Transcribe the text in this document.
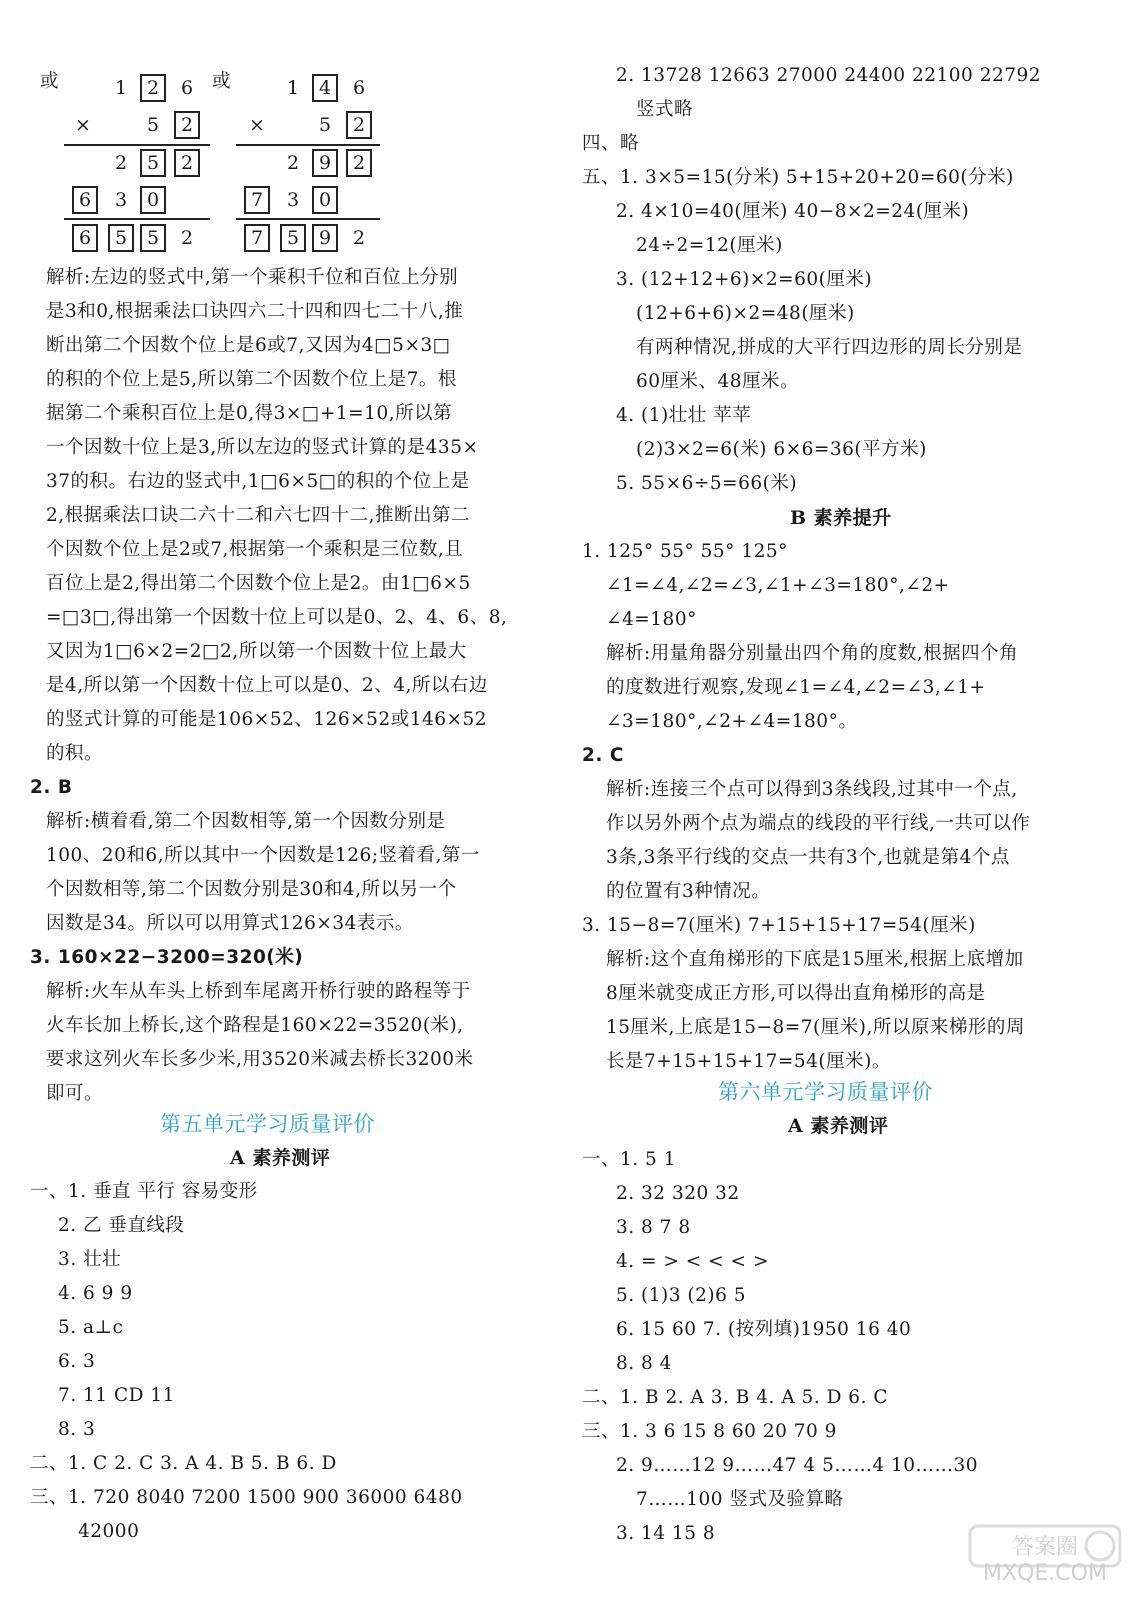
或	或
1	2	6
×	5	2
2	5	2
6	3	0
6	5	5	2
1	4	6
×	5	2
2	9	2
7	3	0
7	5	9	2
解析:左边的竖式中,第一个乘积千位和百位上分别
是3和0,根据乘法口诀四六二十四和四七二十八,推
断出第二个因数个位上是6或7,又因为4□5×3□
的积的个位上是5,所以第二个因数个位上是7。根
据第二个乘积百位上是0,得3×□+1=10,所以第
一个因数十位上是3,所以左边的竖式计算的是435×
37的积。右边的竖式中,1□6×5□的积的个位上是
2,根据乘法口诀二六十二和六七四十二,推断出第二
个因数个位上是2或7,根据第一个乘积是三位数,且
百位上是2,得出第二个因数个位上是2。由1□6×5
=□3□,得出第一个因数十位上可以是0、2、4、6、8,
又因为1□6×2=2□2,所以第一个因数十位上最大
是4,所以第一个因数十位上可以是0、2、4,所以右边
的竖式计算的可能是106×52、126×52或146×52
的积。
2. B
解析:横着看,第二个因数相等,第一个因数分别是
100、20和6,所以其中一个因数是126;竖着看,第一
个因数相等,第二个因数分别是30和4,所以另一个
因数是34。所以可以用算式126×34表示。
3. 160×22−3200=320(米)
解析:火车从车头上桥到车尾离开桥行驶的路程等于
火车长加上桥长,这个路程是160×22=3520(米),
要求这列火车长多少米,用3520米减去桥长3200米
即可。
第五单元学习质量评价
A 素养测评
一、1. 垂直 平行 容易变形
2. 乙 垂直线段
3. 壮壮
4. 6 9 9
5. a⊥c
6. 3
7. 11 CD 11
8. 3
二、1. C 2. C 3. A 4. B 5. B 6. D
三、1. 720 8040 7200 1500 900 36000 6480
42000
2. 13728 12663 27000 24400 22100 22792
竖式略
四、略
五、1. 3×5=15(分米) 5+15+20+20=60(分米)
2. 4×10=40(厘米) 40−8×2=24(厘米)
24÷2=12(厘米)
3. (12+12+6)×2=60(厘米)
(12+6+6)×2=48(厘米)
有两种情况,拼成的大平行四边形的周长分别是
60厘米、48厘米。
4. (1)壮壮 苹苹
(2)3×2=6(米) 6×6=36(平方米)
5. 55×6÷5=66(米)
B 素养提升
1. 125° 55° 55° 125°
∠1=∠4,∠2=∠3,∠1+∠3=180°,∠2+
∠4=180°
解析:用量角器分别量出四个角的度数,根据四个角
的度数进行观察,发现∠1=∠4,∠2=∠3,∠1+
∠3=180°,∠2+∠4=180°。
2. C
解析:连接三个点可以得到3条线段,过其中一个点,
作以另外两个点为端点的线段的平行线,一共可以作
3条,3条平行线的交点一共有3个,也就是第4个点
的位置有3种情况。
3. 15−8=7(厘米) 7+15+15+17=54(厘米)
解析:这个直角梯形的下底是15厘米,根据上底增加
8厘米就变成正方形,可以得出直角梯形的高是
15厘米,上底是15−8=7(厘米),所以原来梯形的周
长是7+15+15+17=54(厘米)。
第六单元学习质量评价
A 素养测评
一、1. 5 1
2. 32 320 32
3. 8 7 8
4. = > < < < >
5. (1)3 (2)6 5
6. 15 60 7. (按列填)1950 16 40
8. 8 4
二、1. B 2. A 3. B 4. A 5. D 6. C
三、1. 3 6 15 8 60 20 70 9
2. 9……12 9……47 4 5……4 10……30
7……100 竖式及验算略
3. 14 15 8
答案圈 MXQE.COM
